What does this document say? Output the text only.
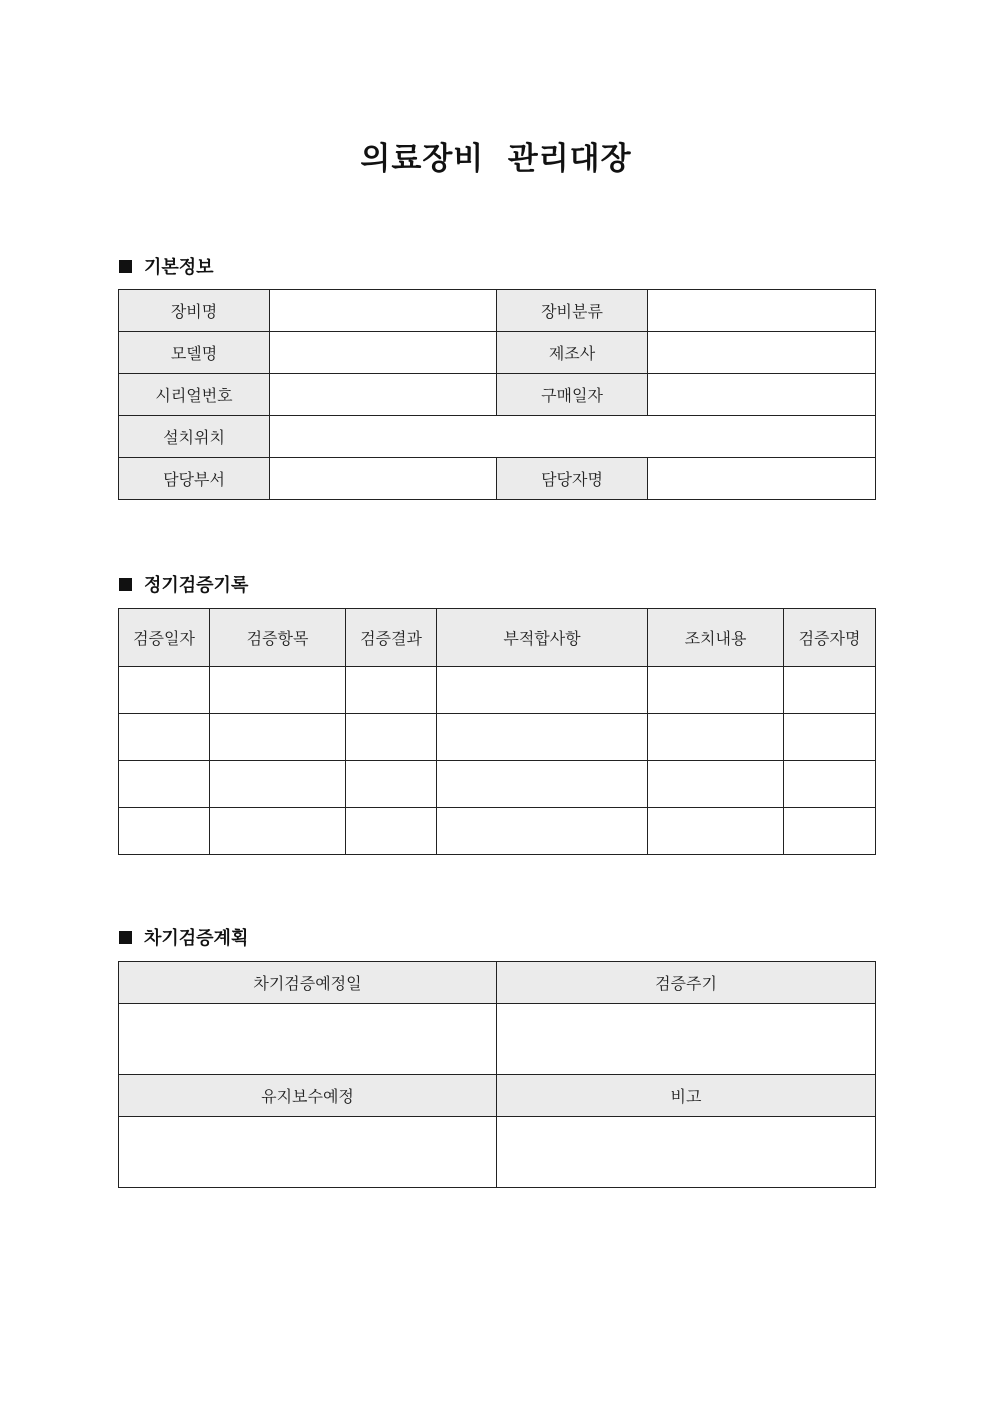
의료장비  관리대장
기본정보
장비명		장비분류	
모델명		제조사	
시리얼번호		구매일자	
설치위치			
담당부서		담당자명	
정기검증기록
검증일자	검증항목	검증결과	부적합사항	조치내용	검증자명

차기검증계획
차기검증예정일	검증주기

유지보수예정	비고
